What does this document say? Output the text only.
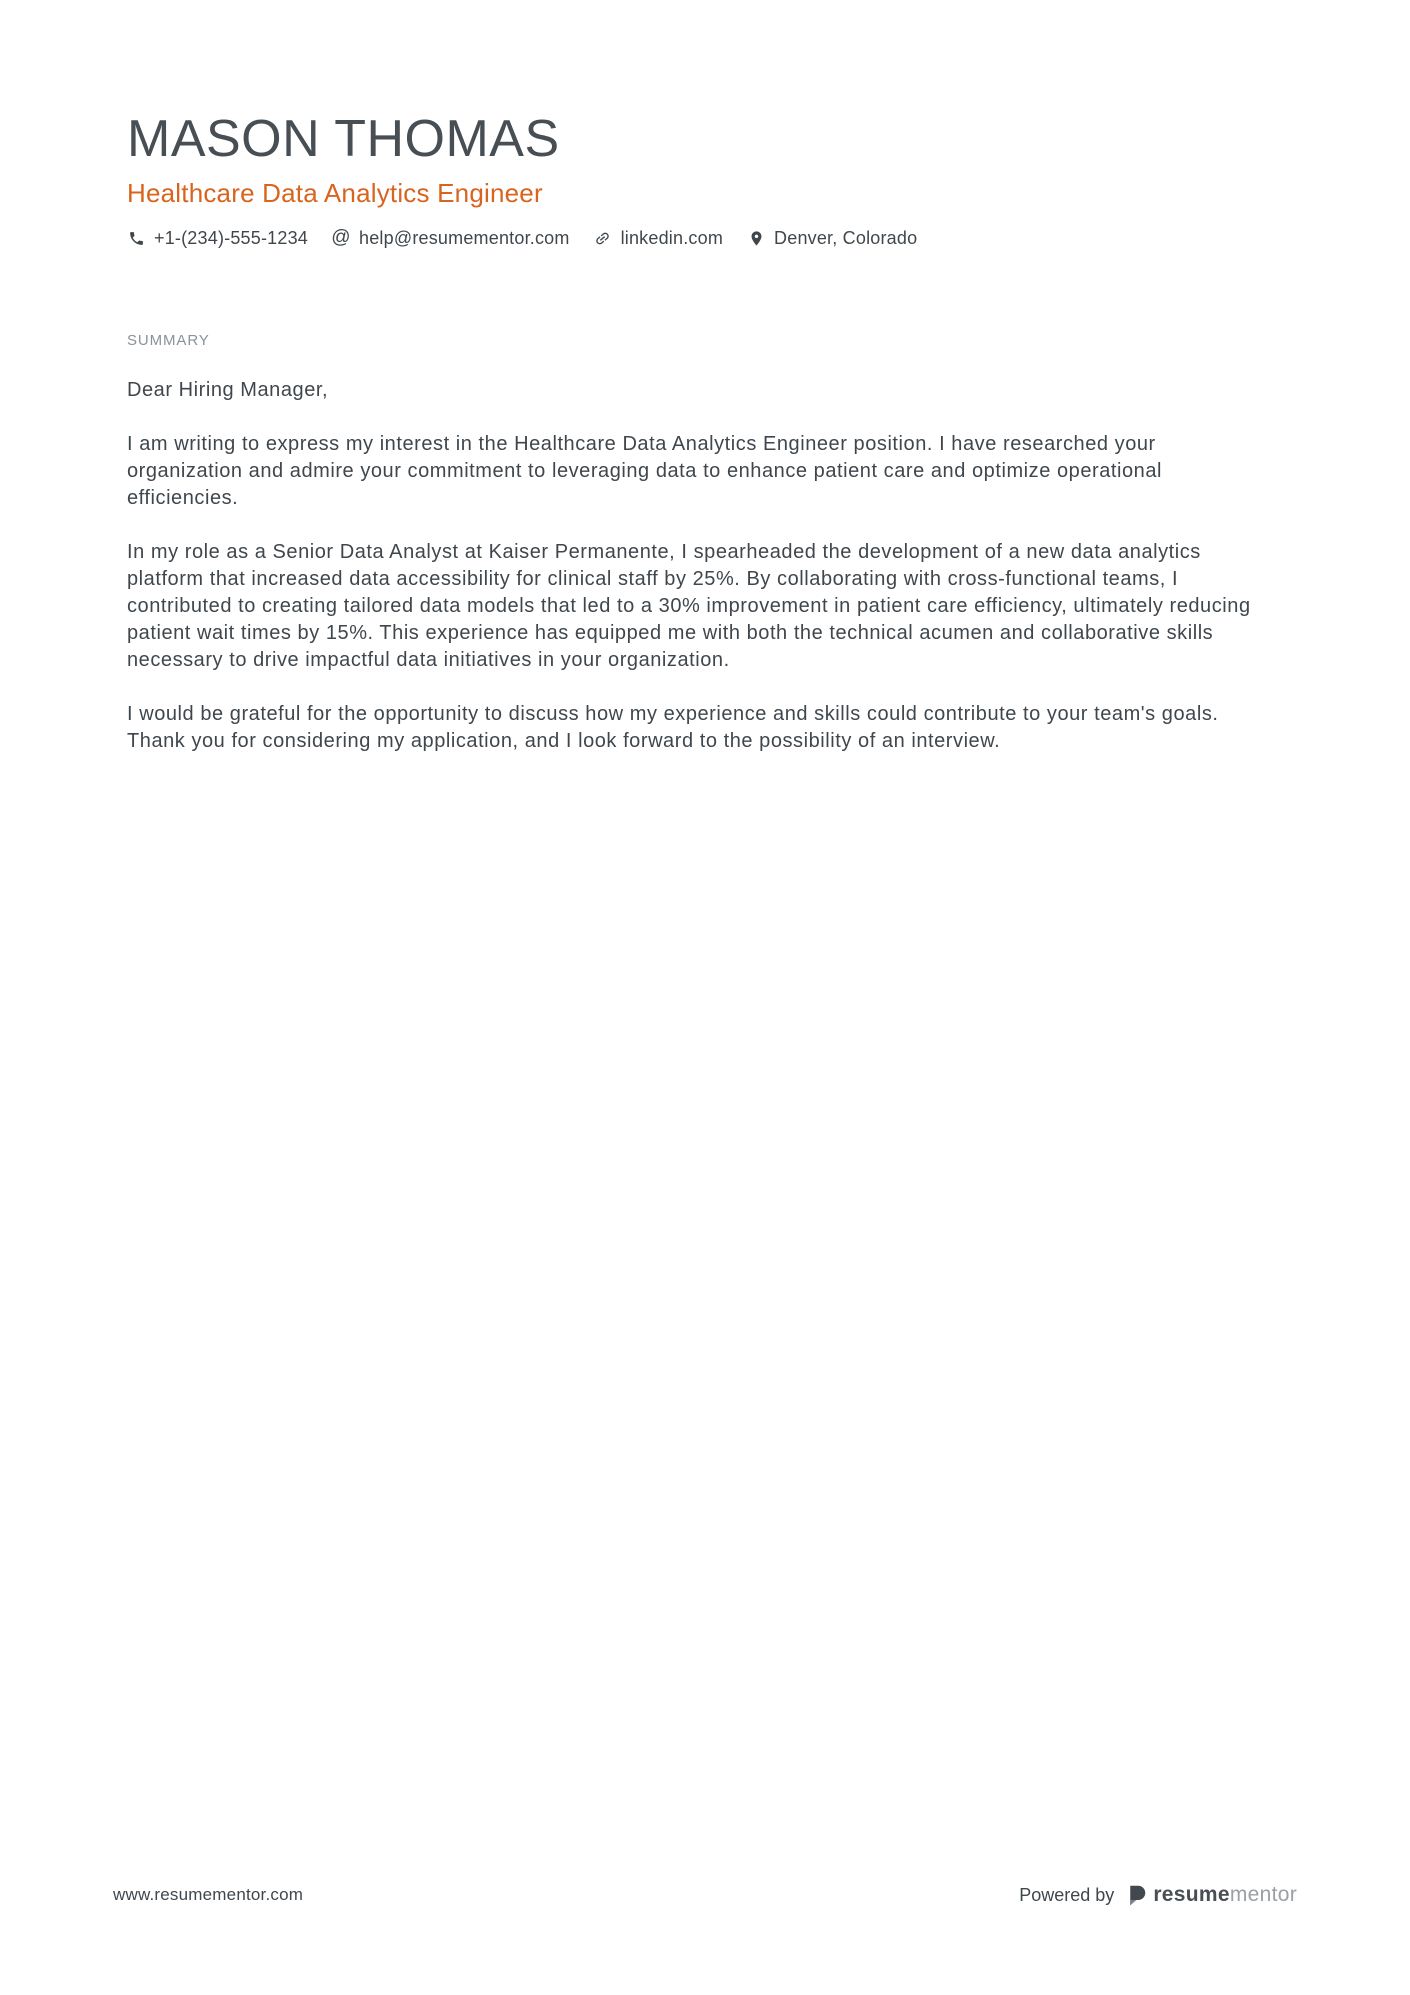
MASON THOMAS
Healthcare Data Analytics Engineer
+1-(234)-555-1234 @ help@resumementor.com	linkedin.com	Denver, Colorado
SUMMARY

Dear Hiring Manager,

I am writing to express my interest in the Healthcare Data Analytics Engineer position. I have researched your organization and admire your commitment to leveraging data to enhance patient care and optimize operational efficiencies.

In my role as a Senior Data Analyst at Kaiser Permanente, I spearheaded the development of a new data analytics platform that increased data accessibility for clinical staff by 25%. By collaborating with cross-functional teams, I contributed to creating tailored data models that led to a 30% improvement in patient care efficiency, ultimately reducing patient wait times by 15%. This experience has equipped me with both the technical acumen and collaborative skills necessary to drive impactful data initiatives in your organization.

I would be grateful for the opportunity to discuss how my experience and skills could contribute to your team's goals. Thank you for considering my application, and I look forward to the possibility of an interview.

www.resumementor.com	Powered by resumementor
